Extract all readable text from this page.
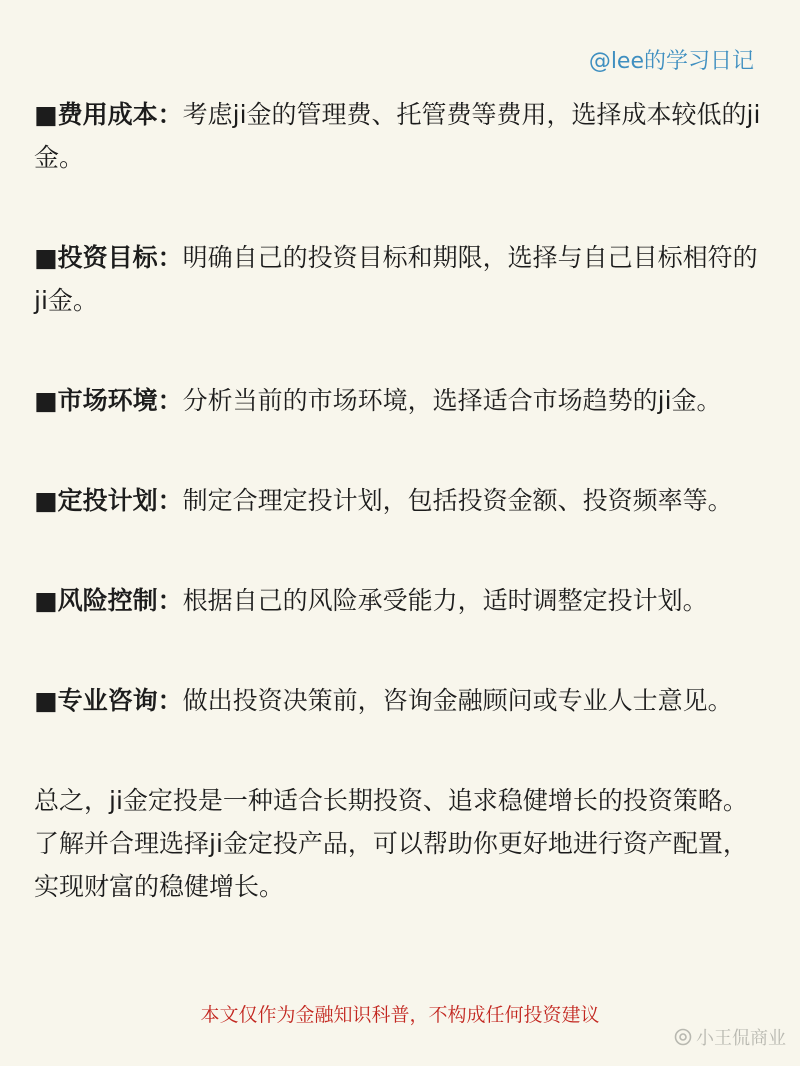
@lee的学习日记
■费用成本：考虑ji金的管理费、托管费等费用，选择成本较低的ji金。
■投资目标：明确自己的投资目标和期限，选择与自己目标相符的ji金。
■市场环境：分析当前的市场环境，选择适合市场趋势的ji金。
■定投计划：制定合理定投计划，包括投资金额、投资频率等。
■风险控制：根据自己的风险承受能力，适时调整定投计划。
■专业咨询：做出投资决策前，咨询金融顾问或专业人士意见。
总之，ji金定投是一种适合长期投资、追求稳健增长的投资策略。了解并合理选择ji金定投产品，可以帮助你更好地进行资产配置，实现财富的稳健增长。
本文仅作为金融知识科普，不构成任何投资建议
小王侃商业
